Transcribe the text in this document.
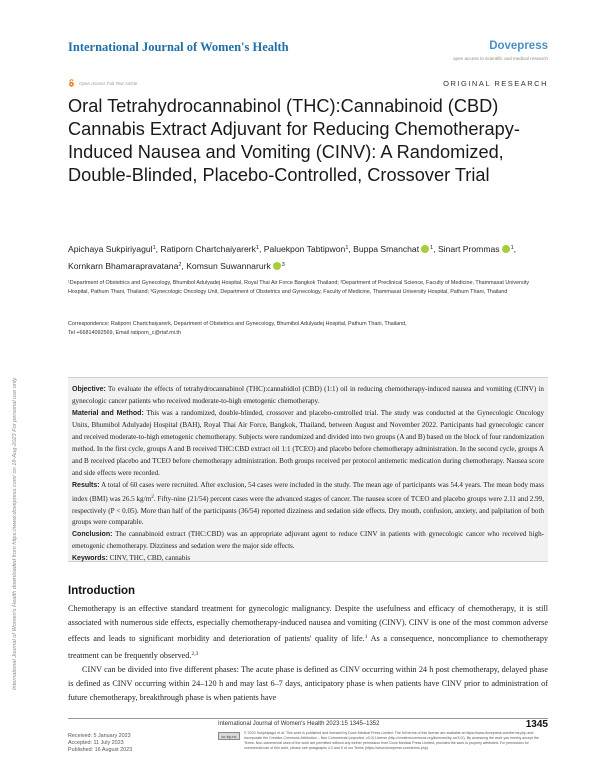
International Journal of Women's Health	Dovepress
open access to scientific and medical research
Open Access Full Text Article	ORIGINAL RESEARCH
Oral Tetrahydrocannabinol (THC):Cannabinoid (CBD) Cannabis Extract Adjuvant for Reducing Chemotherapy-Induced Nausea and Vomiting (CINV): A Randomized, Double-Blinded, Placebo-Controlled, Crossover Trial
Apichaya Sukpiriyagul$^1$, Ratiporn Chartchaiyarerk$^1$, Paluekpon Tabtipwon$^1$, Buppa Smanchat $^1$, Sinart Prommas $^1$, Kornkarn Bhamarapravatana$^2$, Komsun Suwannarurk $^3$
¹Department of Obstetrics and Gynecology, Bhumibol Adulyadej Hospital, Royal Thai Air Force Bangkok Thailand; ²Department of Preclinical Science, Faculty of Medicine, Thammasat University Hospital, Pathum Thani, Thailand; ³Gynecologic Oncology Unit, Department of Obstetrics and Gynecology, Faculty of Medicine, Thammasat University Hospital, Pathum Thani, Thailand
Correspondence: Ratiporn Chartchaiyarerk, Department of Obstetrics and Gynecology, Bhumibol Adulyadej Hospital, Pathum Thani, Thailand,
Tel +66814092569, Email ratiporn_c@rtaf.mi.th
Objective: To evaluate the effects of tetrahydrocannabinol (THC):cannabidiol (CBD) (1:1) oil in reducing chemotherapy-induced nausea and vomiting (CINV) in gynecologic cancer patients who received moderate-to-high emetogenic chemotherapy.
Material and Method: This was a randomized, double-blinded, crossover and placebo-controlled trial. The study was conducted at the Gynecologic Oncology Units, Bhumibol Adulyadej Hospital (BAH), Royal Thai Air Force, Bangkok, Thailand, between August and November 2022. Participants had gynecologic cancer and received moderate-to-high emetogenic chemotherapy. Subjects were randomized and divided into two groups (A and B) based on the block of four randomization method. In the first cycle, groups A and B received THC:CBD extract oil 1:1 (TCEO) and placebo before chemotherapy administration. In the second cycle, groups A and B received placebo and TCEO before chemotherapy administration. Both groups received per protocol antiemetic medication during chemotherapy. Nausea score and side effects were recorded.
Results: A total of 60 cases were recruited. After exclusion, 54 cases were included in the study. The mean age of participants was 54.4 years. The mean body mass index (BMI) was 26.5 $kg/m^2$. Fifty-nine (21/54) percent cases were the advanced stages of cancer. The nausea score of TCEO and placebo groups were 2.11 and 2.99, respectively (P < 0.05). More than half of the participants (36/54) reported dizziness and sedation side effects. Dry mouth, confusion, anxiety, and palpitation of both groups were comparable.
Conclusion: The cannabinoid extract (THC:CBD) was an appropriate adjuvant agent to reduce CINV in patients with gynecologic cancer who received high-emetogenic chemotherapy. Dizziness and sedation were the major side effects.
Keywords: CINV, THC, CBD, cannabis
Introduction
Chemotherapy is an effective standard treatment for gynecologic malignancy. Despite the usefulness and efficacy of chemotherapy, it is still associated with numerous side effects, especially chemotherapy-induced nausea and vomiting (CINV). CINV is one of the most common adverse effects and leads to significant morbidity and deterioration of patients' quality of life.$^1$ As a consequence, noncompliance to chemotherapy treatment can be frequently observed.$^{2,3}$
CINV can be divided into five different phases: The acute phase is defined as CINV occurring within 24 h post chemotherapy, delayed phase is defined as CINV occurring within 24–120 h and may last 6–7 days, anticipatory phase is when patients have CINV prior to administration of future chemotherapy, breakthrough phase is when patients have
International Journal of Women's Health downloaded from https://www.dovepress.com/ on 18-Aug-2023 For personal use only.
International Journal of Women's Health 2023:15 1345–1352	1345
Received: 5 January 2023
Accepted: 11 July 2023
Published: 16 August 2023
cc by-nc
© 2023 Sukpiriyagul et al. This work is published and licensed by Dove Medical Press Limited. The full terms of this license are available at https://www.dovepress.com/terms.php and incorporate the Creative Commons Attribution – Non Commercial (unported, v3.0) License (http://creativecommons.org/licenses/by-nc/3.0/). By accessing the work you hereby accept the Terms. Non-commercial uses of the work are permitted without any further permission from Dove Medical Press Limited, provided the work is properly attributed. For permission for commercial use of this work, please see paragraphs 4.2 and 5 of our Terms (https://www.dovepress.com/terms.php).
